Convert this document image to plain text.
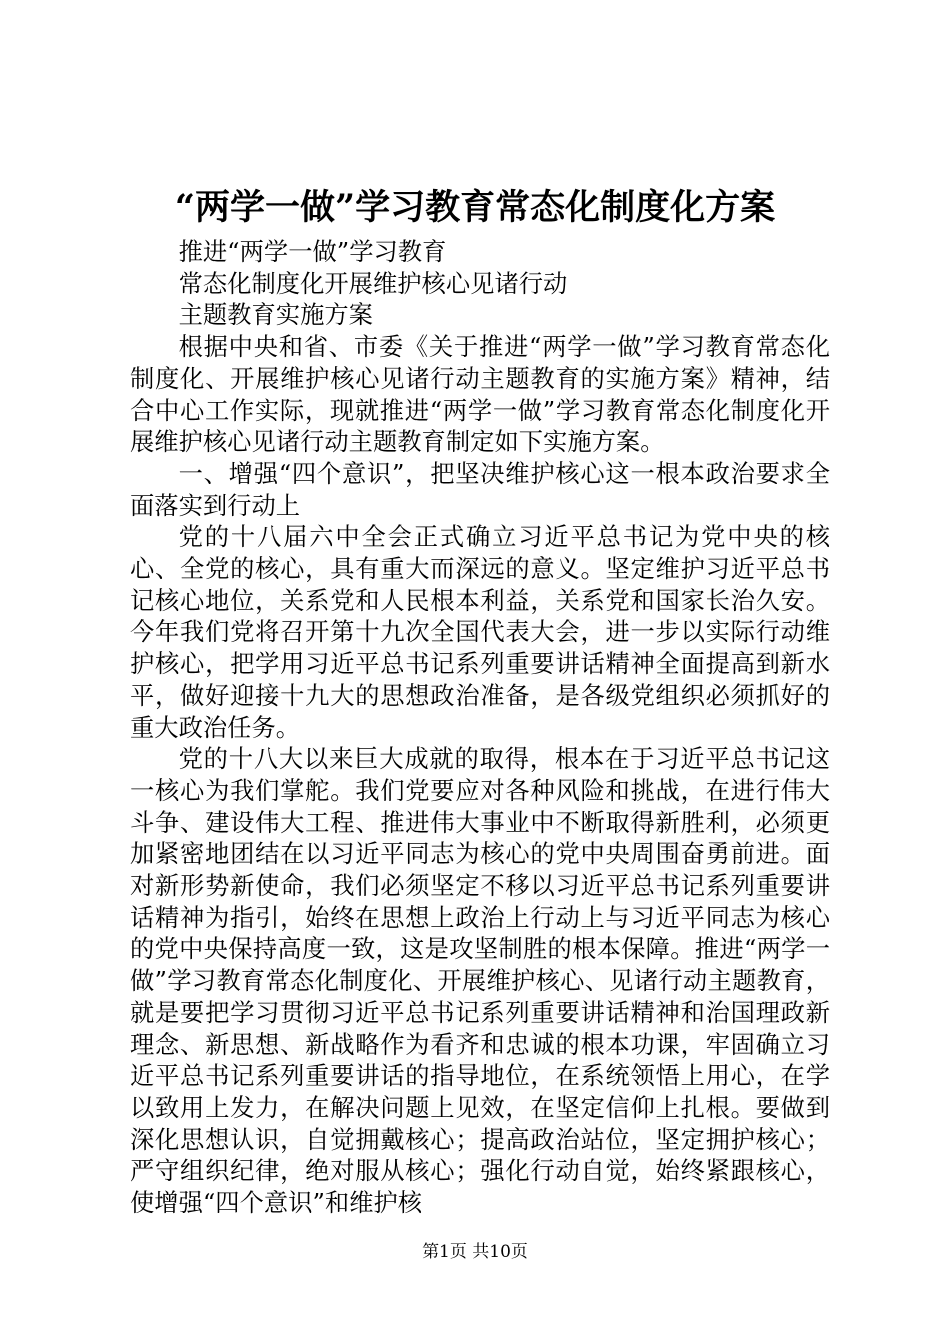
“两学一做”学习教育常态化制度化方案

推进“两学一做”学习教育

常态化制度化开展维护核心见诸行动

主题教育实施方案

根据中央和省、市委《关于推进“两学一做”学习教育常态化制度化、开展维护核心见诸行动主题教育的实施方案》精神，结合中心工作实际，现就推进“两学一做”学习教育常态化制度化开展维护核心见诸行动主题教育制定如下实施方案。

一、增强“四个意识”，把坚决维护核心这一根本政治要求全面落实到行动上

党的十八届六中全会正式确立习近平总书记为党中央的核心、全党的核心，具有重大而深远的意义。坚定维护习近平总书记核心地位，关系党和人民根本利益，关系党和国家长治久安。今年我们党将召开第十九次全国代表大会，进一步以实际行动维护核心，把学用习近平总书记系列重要讲话精神全面提高到新水平，做好迎接十九大的思想政治准备，是各级党组织必须抓好的重大政治任务。

党的十八大以来巨大成就的取得，根本在于习近平总书记这一核心为我们掌舵。我们党要应对各种风险和挑战，在进行伟大斗争、建设伟大工程、推进伟大事业中不断取得新胜利，必须更加紧密地团结在以习近平同志为核心的党中央周围奋勇前进。面对新形势新使命，我们必须坚定不移以习近平总书记系列重要讲话精神为指引，始终在思想上政治上行动上与习近平同志为核心的党中央保持高度一致，这是攻坚制胜的根本保障。推进“两学一做”学习教育常态化制度化、开展维护核心、见诸行动主题教育，就是要把学习贯彻习近平总书记系列重要讲话精神和治国理政新理念、新思想、新战略作为看齐和忠诚的根本功课，牢固确立习近平总书记系列重要讲话的指导地位，在系统领悟上用心，在学以致用上发力，在解决问题上见效，在坚定信仰上扎根。要做到深化思想认识，自觉拥戴核心；提高政治站位，坚定拥护核心；严守组织纪律，绝对服从核心；强化行动自觉，始终紧跟核心，使增强“四个意识”和维护核

第1页 共10页
